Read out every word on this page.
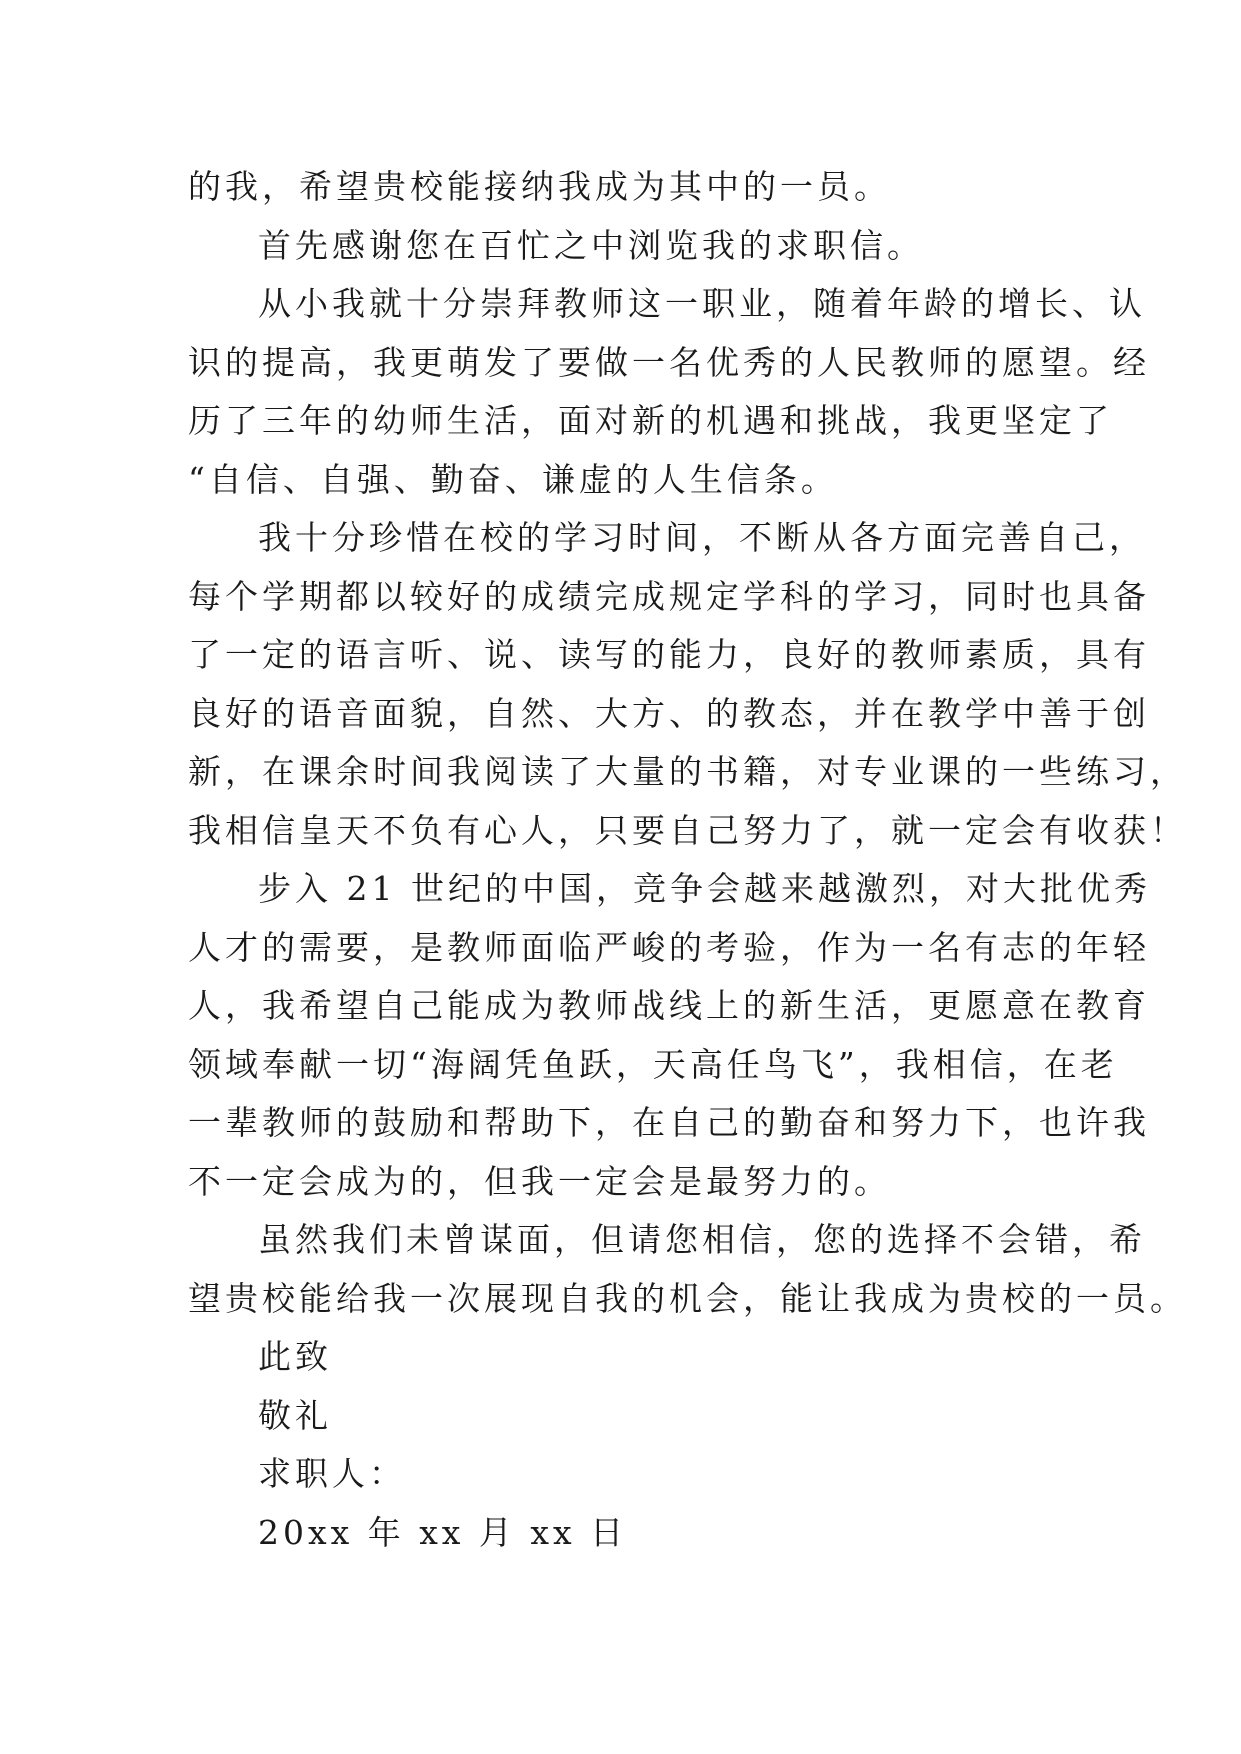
的我，希望贵校能接纳我成为其中的一员。
首先感谢您在百忙之中浏览我的求职信。
从小我就十分崇拜教师这一职业，随着年龄的增长、认
识的提高，我更萌发了要做一名优秀的人民教师的愿望。经
历了三年的幼师生活，面对新的机遇和挑战，我更坚定了
“自信、自强、勤奋、谦虚的人生信条。
我十分珍惜在校的学习时间，不断从各方面完善自己，
每个学期都以较好的成绩完成规定学科的学习，同时也具备
了一定的语言听、说、读写的能力，良好的教师素质，具有
良好的语音面貌，自然、大方、的教态，并在教学中善于创
新，在课余时间我阅读了大量的书籍，对专业课的一些练习，
我相信皇天不负有心人，只要自己努力了，就一定会有收获！
步入 21 世纪的中国，竞争会越来越激烈，对大批优秀
人才的需要，是教师面临严峻的考验，作为一名有志的年轻
人，我希望自己能成为教师战线上的新生活，更愿意在教育
领域奉献一切“海阔凭鱼跃，天高任鸟飞”，我相信，在老
一辈教师的鼓励和帮助下，在自己的勤奋和努力下，也许我
不一定会成为的，但我一定会是最努力的。
虽然我们未曾谋面，但请您相信，您的选择不会错，希
望贵校能给我一次展现自我的机会，能让我成为贵校的一员。
此致
敬礼
求职人：
20xx 年 xx 月 xx 日
